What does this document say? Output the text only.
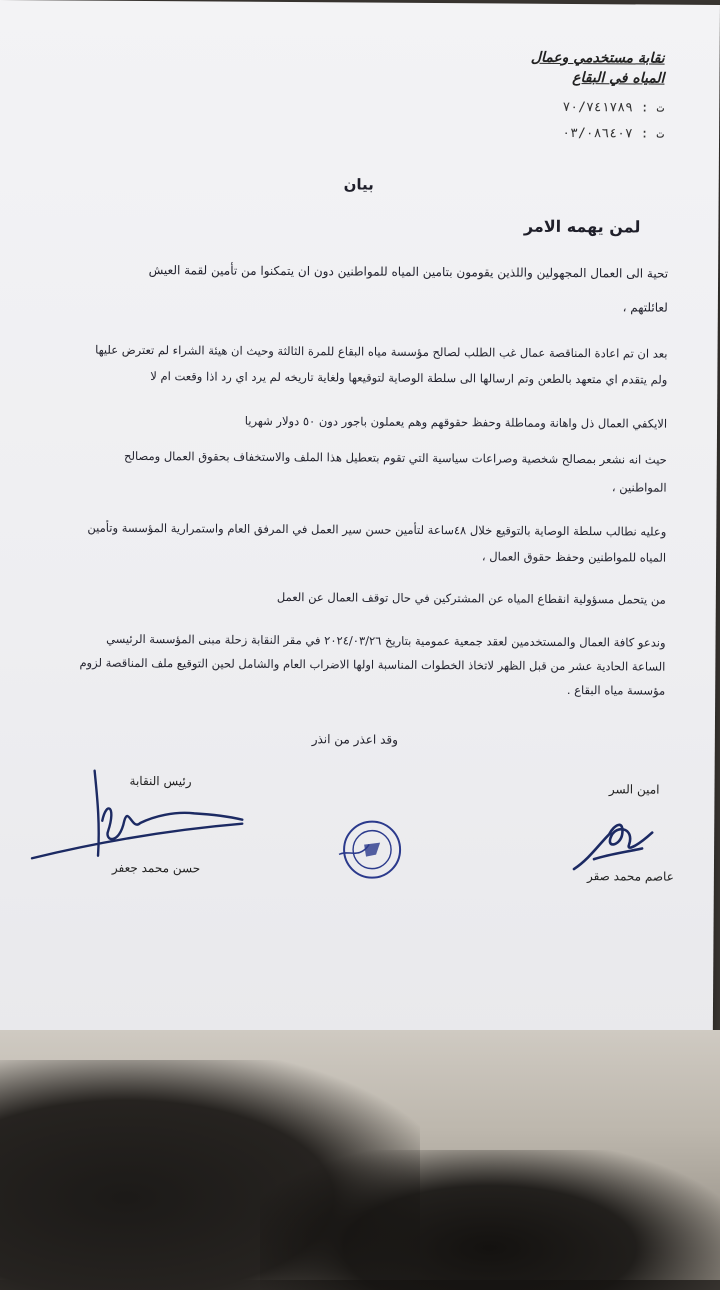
نقابة مستخدمي وعمال
المياه في البقاع
ت : ٧٠/٧٤١٧٨٩
ت : ٠٣/٠٨٦٤٠٧
بيان
لمن يهمه الامر
تحية الى العمال المجهولين واللذين يقومون بتامين المياه للمواطنين دون ان يتمكنوا من تأمين لقمة العيش
لعائلتهم ،
بعد ان تم اعادة المناقصة عمال غب الطلب لصالح مؤسسة مياه البقاع للمرة الثالثة وحيث ان هيئة الشراء لم تعترض عليها
ولم يتقدم اي متعهد بالطعن وتم ارسالها الى سلطة الوصاية لتوقيعها ولغاية تاريخه لم يرد اي رد اذا وقعت ام لا
الايكفي العمال ذل واهانة ومماطلة وحفظ حقوقهم وهم يعملون باجور دون ٥٠ دولار شهريا
حيث انه نشعر بمصالح شخصية وصراعات سياسية التي تقوم بتعطيل هذا الملف والاستخفاف بحقوق العمال ومصالح
المواطنين ،
وعليه نطالب سلطة الوصاية بالتوقيع خلال ٤٨ساعة لتأمين حسن سير العمل في المرفق العام واستمرارية المؤسسة وتأمين
المياه للمواطنين وحفظ حقوق العمال ،
من يتحمل مسؤولية انقطاع المياه عن المشتركين في حال توقف العمال عن العمل
وندعو كافة العمال والمستخدمين لعقد جمعية عمومية بتاريخ ٢٠٢٤/٠٣/٢٦ في مقر النقابة زحلة مبنى المؤسسة الرئيسي
الساعة الحادية عشر من قبل الظهر لاتخاذ الخطوات المناسبة اولها الاضراب العام والشامل لحين التوقيع ملف المناقصة لزوم
مؤسسة مياه البقاع .
وقد اعذر من انذر
رئيس النقابة
حسن محمد جعفر
امين السر
عاصم محمد صقر
